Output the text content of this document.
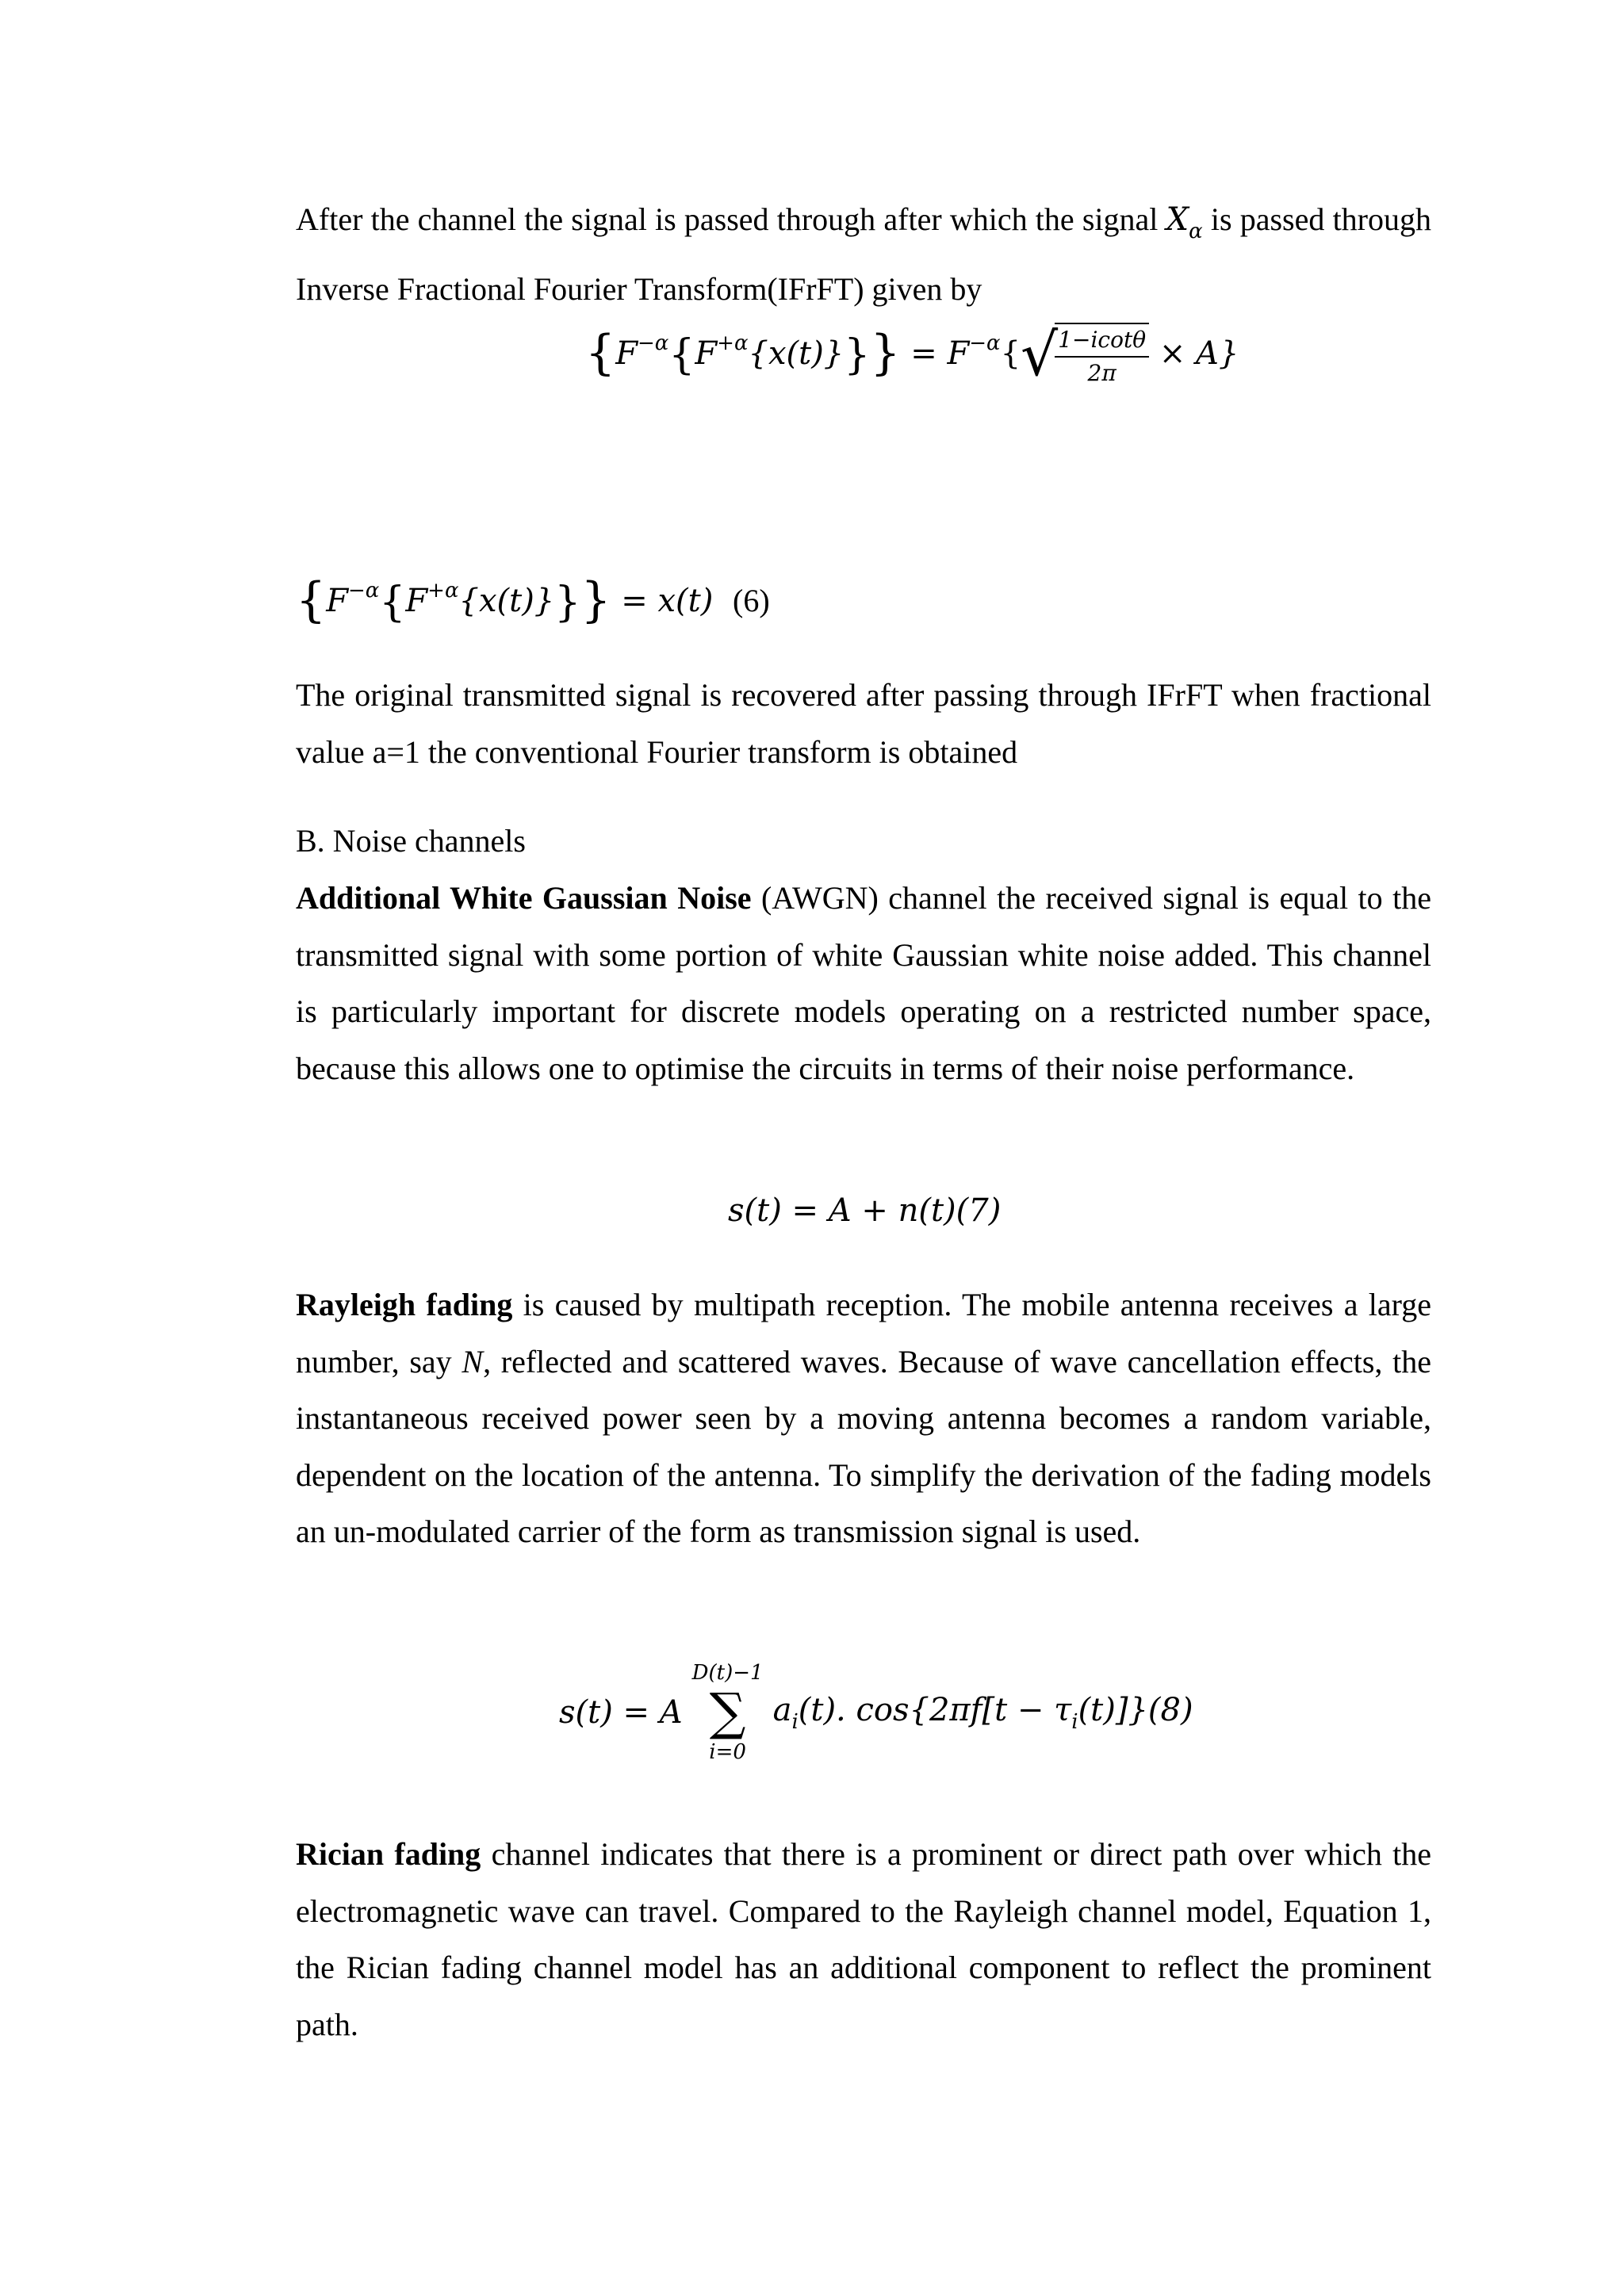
After the channel the signal is passed through after which the signal $X_\alpha$ is passed through Inverse Fractional Fourier Transform(IFrFT) given by

$\{F^{-\alpha}\{F^{+\alpha}\{x(t)\}\}\} = F^{-\alpha}\{√$
$\frac{1-icot\theta}{2\pi} \times A$}
$\{F^{-\alpha}\{F^{+\alpha}\{x(t)\}\}\} = x(t)$ (6)

The original transmitted signal is recovered after passing through IFrFT when fractional value a=1 the conventional Fourier transform is obtained

B. Noise channels

Additional White Gaussian Noise (AWGN) channel the received signal is equal to the transmitted signal with some portion of white Gaussian white noise added. This channel is particularly important for discrete models operating on a restricted number space, because this allows one to optimise the circuits in terms of their noise performance.

s(t) = A + n(t)(7)

Rayleigh fading is caused by multipath reception. The mobile antenna receives a large number, say N, reflected and scattered waves. Because of wave cancellation effects, the instantaneous received power seen by a moving antenna becomes a random variable, dependent on the location of the antenna. To simplify the derivation of the fading models an un-modulated carrier of the form as transmission signal is used.

s(t) = A
D(t)−1
∑
i=0
$a_i(t)$. $\cos\{2\pi f[t - \tau_i(t)]\}(8)$

Rician fading channel indicates that there is a prominent or direct path over which the electromagnetic wave can travel. Compared to the Rayleigh channel model, Equation 1, the Rician fading channel model has an additional component to reflect the prominent path.
